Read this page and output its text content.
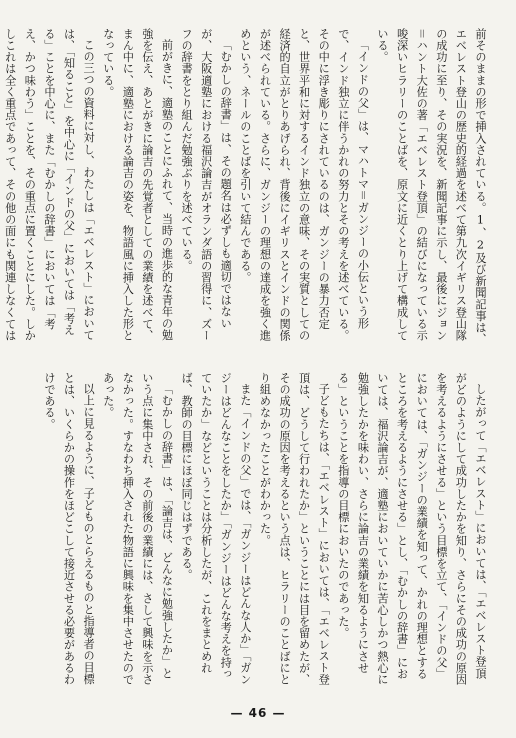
前そのままの形で挿入されている。1、2及び新聞記事は、エベレスト登山の歴史的経過を述べて第九次イギリス登山隊の成功に至り、その実況を、新聞記事に示し、最後にジョン＝ハント大佐の著「エベレスト登頂」の結びになっている示唆深いヒラリーのことばを、原文に近くとり上げて構成している。

「インドの父」は、マハトマ＝ガンジーの小伝という形で、インド独立に伴うかれの努力とその考えを述べている。その中に浮き彫りにされているのは、ガンジーの暴力否定と、世界平和に対するインド独立の意味、その実質としての経済的自立がとりあげられ、背後にイギリスとインドの関係が述べられている。さらに、ガンジーの理想の達成を強く進めという、ネールのことばを引いて結んである。

「むかしの辞書」は、その題名は必ずしも適切ではないが、大阪適塾における福沢論吉がオランダ語の習得に、ズーフの辞書をとり組んだ勉強ぶりを述べている。

前がきに、適塾のことにふれて、当時の進歩的な青年の勉強を伝え、あとがきに論吉の先覚者としての業績を述べて、まん中に、適塾における論吉の姿を、物語風に挿入した形となっている。

この三つの資料に対し、わたしは「エベレスト」においては、「知ること」を中心に「インドの父」においては「考える」ことを中心に、また「むかしの辞書」においては「考え、かつ味わう」ことを、その重点に置くことにした。しかしこれは全く重点であって、その他の面にも関連しなくては

したがって「エベレスト」においては、「エベレスト登頂がどのようにして成功したかを知り、さらにその成功の原因を考えるようにさせる」という目標を立て、「インドの父」においては、「ガンジーの業績を知って、かれの理想とするところを考えるようにさせる」とし、「むかしの辞書」においては、福沢論吉が、適塾においていかに苦心しかつ熱心に勉強したかを味わい、さらに論吉の業績を知るようにさせる」ということを指導の目標においたのであった。

子どもたちは、「エベレスト」においては、「エベレスト登頂は、どうして行われたか」ということには目を留めたが、その成功の原因を考えるという点は、ヒラリーのことばにとり組めなかったことがわかった。

また「インドの父」では、「ガンジーはどんな人か」「ガンジーはどんなことをしたか」「ガンジーはどんな考えを持っていたか」などということは分析したが、これをまとめれば、教師の目標にほぼ同じはずである。

「むかしの辞書」は、「論吉は、どんなに勉強したか」という点に集中され、その前後の業績には、さして興味を示さなかった。すなわち挿入された物語に興味を集中させたのであった。

以上に見るように、子どものとらえるものと指導者の目標とは、いくらかの操作をほどこして接近させる必要があるわけである。

— 46 —
